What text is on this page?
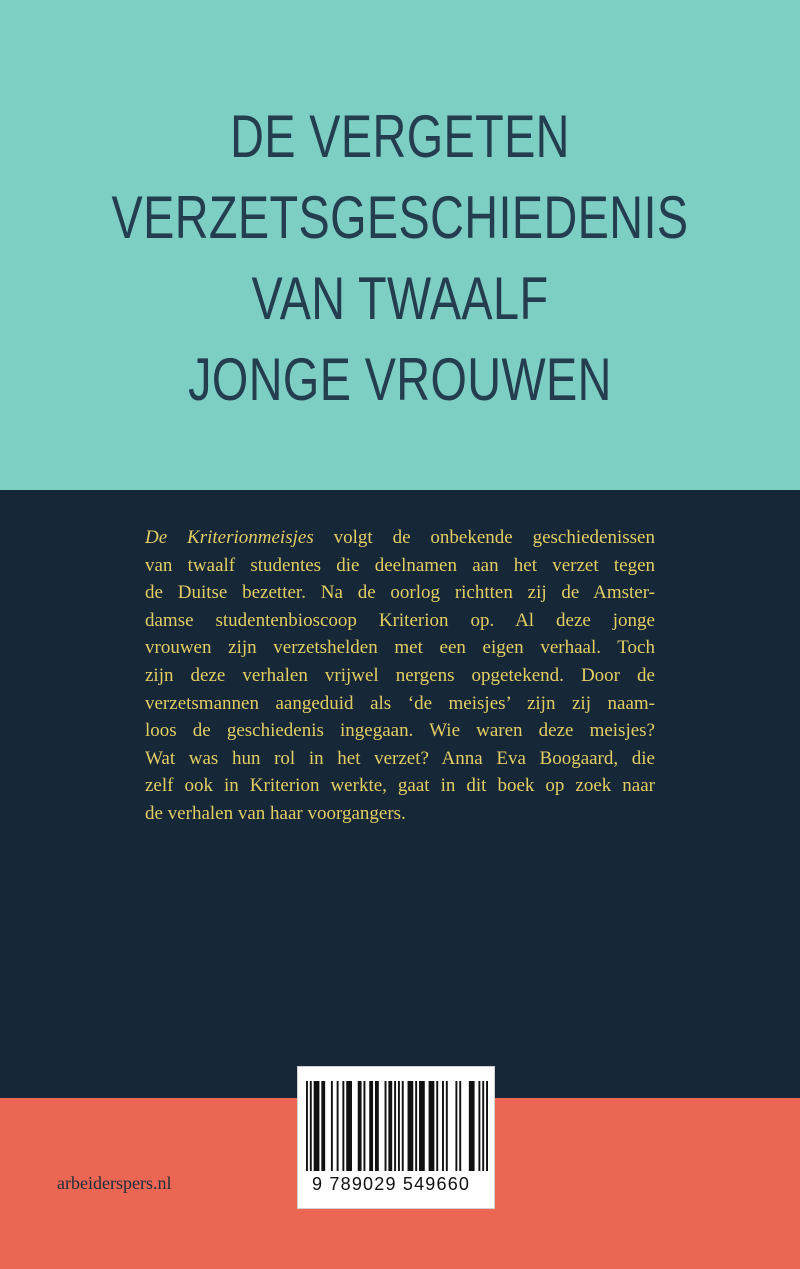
DE VERGETEN
VERZETSGESCHIEDENIS
VAN TWAALF
JONGE VROUWEN
De Kriterionmeisjes volgt de onbekende geschiedenissen
van twaalf studentes die deelnamen aan het verzet tegen
de Duitse bezetter. Na de oorlog richtten zij de Amster-
damse studentenbioscoop Kriterion op. Al deze jonge
vrouwen zijn verzetshelden met een eigen verhaal. Toch
zijn deze verhalen vrijwel nergens opgetekend. Door de
verzetsmannen aangeduid als ‘de meisjes’ zijn zij naam-
loos de geschiedenis ingegaan. Wie waren deze meisjes?
Wat was hun rol in het verzet? Anna Eva Boogaard, die
zelf ook in Kriterion werkte, gaat in dit boek op zoek naar
de verhalen van haar voorgangers.
arbeiderspers.nl	9 789029 549660
